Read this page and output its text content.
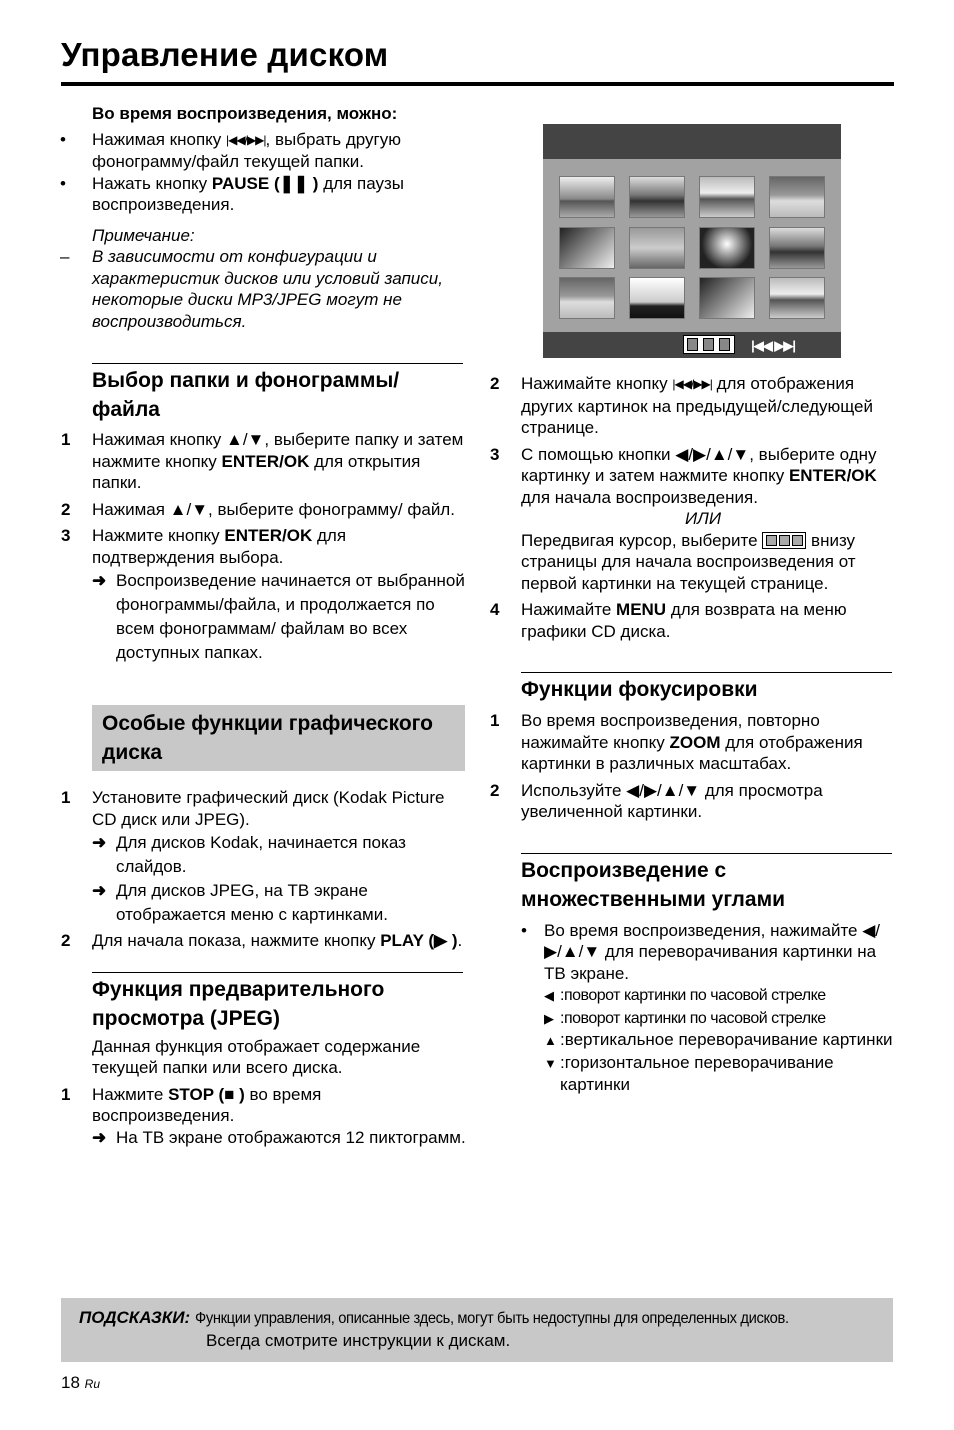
Управление диском
Во время воспроизведения, можно:
• Нажимая кнопку |◀◀/▶▶|, выбрать другую фонограмму/файл текущей папки.
• Нажать кнопку PAUSE (❚❚ ) для паузы воспроизведения.
Примечание:
– В зависимости от конфигурации и характеристик дисков или условий записи, некоторые диски MP3/JPEG могут не воспроизводиться.
Выбор папки и фонограммы/ файла
1 Нажимая кнопку ▲/▼, выберите папку и затем нажмите кнопку ENTER/OK для открытия папки.
2 Нажимая ▲/▼, выберите фонограмму/ файл.
3 Нажмите кнопку ENTER/OK для подтверждения выбора.
➜ Воспроизведение начинается от выбранной фонограммы/файла, и продолжается по всем фонограммам/ файлам во всех доступных папках.
Особые функции графического диска
1 Установите графический диск (Kodak Picture CD диск или JPEG).
➜ Для дисков Kodak, начинается показ слайдов.
➜ Для дисков JPEG, на ТВ экране отображается меню с картинками.
2 Для начала показа, нажмите кнопку PLAY (▶ ).
Функция предварительного просмотра (JPEG)
Данная функция отображает содержание текущей папки или всего диска.
1 Нажмите STOP (■ ) во время воспроизведения.
➜ На ТВ экране отображаются 12 пиктограмм.
|◀◀ ▶▶|
2 Нажимайте кнопку |◀◀/▶▶| для отображения других картинок на предыдущей/следующей странице.
3 С помощью кнопки ◀/▶/▲/▼, выберите одну картинку и затем нажмите кнопку ENTER/OK для начала воспроизведения.
ИЛИ
Передвигая курсор, выберите	внизу страницы для начала воспроизведения от первой картинки на текущей странице.
4 Нажимайте MENU для возврата на меню графики CD диска.
Функции фокусировки
1 Во время воспроизведения, повторно нажимайте кнопку ZOOM для отображения картинки в различных масштабах.
2 Используйте ◀/▶/▲/▼ для просмотра увеличенной картинки.
Воспроизведение с множественными углами
• Во время воспроизведения, нажимайте ◀/▶/▲/▼ для переворачивания картинки на ТВ экране.
◀ :поворот картинки по часовой стрелке
▶ :поворот картинки по часовой стрелке
▲ :вертикальное переворачивание картинки
▼ :горизонтальное переворачивание картинки
ПОДСКАЗКИ: Функции управления, описанные здесь, могут быть недоступны для определенных дисков.
Всегда смотрите инструкции к дискам.
18 Ru
